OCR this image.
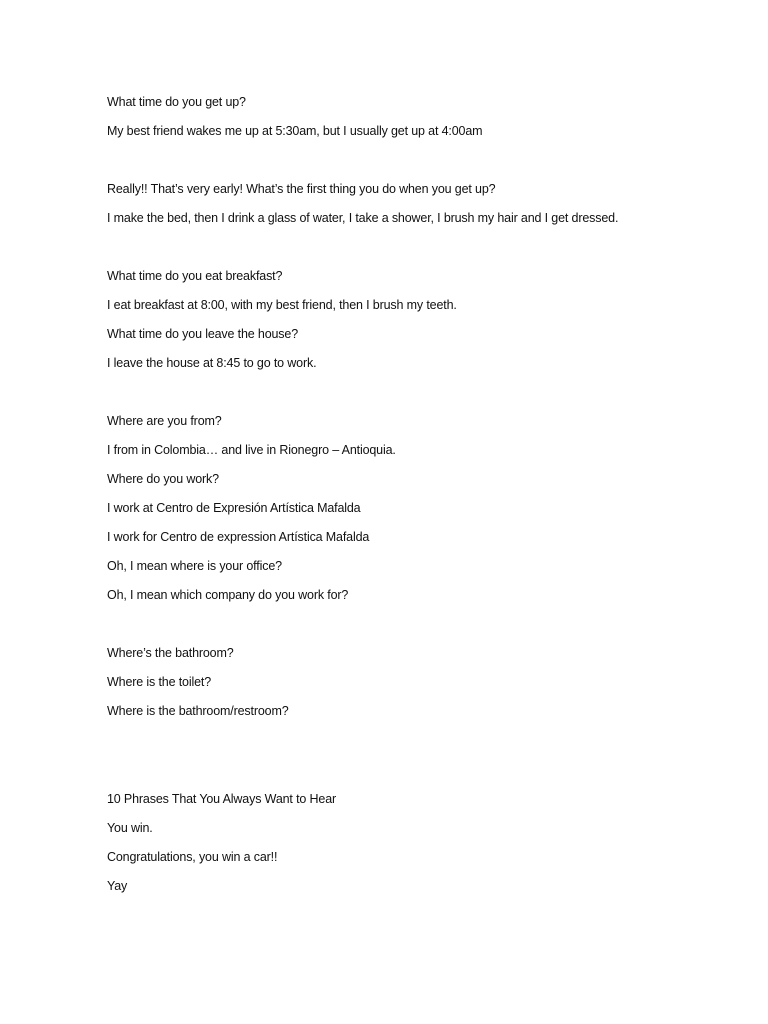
What time do you get up?

My best friend wakes me up at 5:30am, but I usually get up at 4:00am

Really!! That’s very early! What’s the first thing you do when you get up?

I make the bed, then I drink a glass of water, I take a shower, I brush my hair and I get dressed.

What time do you eat breakfast?

I eat breakfast at 8:00, with my best friend, then I brush my teeth.

What time do you leave the house?

I leave the house at 8:45 to go to work.

Where are you from?

I from in Colombia… and live in Rionegro – Antioquia.

Where do you work?

I work at Centro de Expresión Artística Mafalda

I work for Centro de expression Artística Mafalda

Oh, I mean where is your office?

Oh, I mean which company do you work for?

Where’s the bathroom?

Where is the toilet?

Where is the bathroom/restroom?

10 Phrases That You Always Want to Hear

You win.

Congratulations, you win a car!!

Yay
